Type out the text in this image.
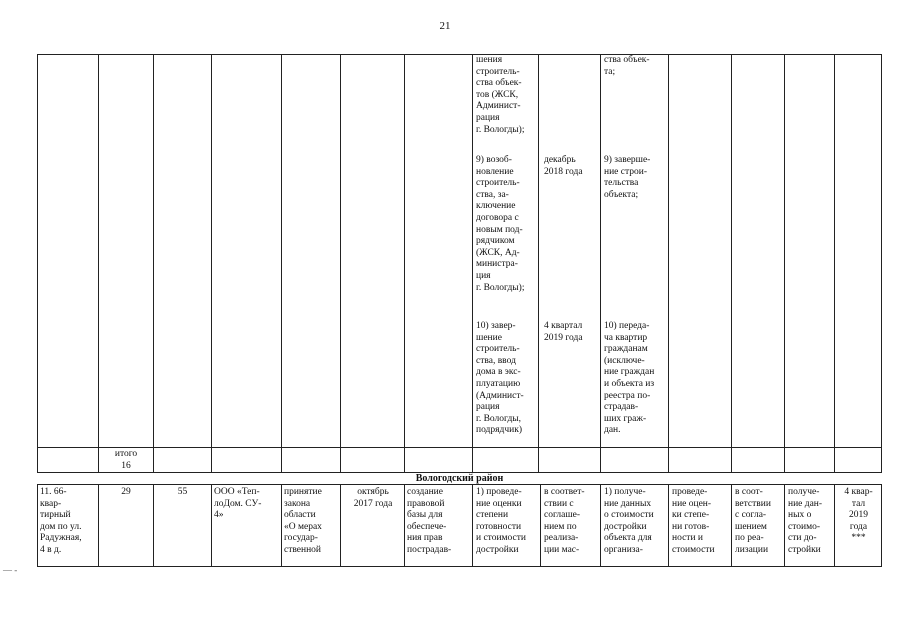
21
шения
строитель-
ства объек-
тов (ЖСК,
Админист-
рация
г. Вологды);
ства объек-
та;
9) возоб-
новление
строитель-
ства, за-
ключение
договора с
новым под-
рядчиком
(ЖСК, Ад-
министра-
ция
г. Вологды);
декабрь
2018 года
9) заверше-
ние строи-
тельства
объекта;
10) завер-
шение
строитель-
ства, ввод
дома в экс-
плуатацию
(Админист-
рация
г. Вологды,
подрядчик)
4 квартал
2019 года
10) переда-
ча квартир
гражданам
(исключе-
ние граждан
и объекта из
реестра по-
страдав-
ших граж-
дан.
итого
16
Вологодский район
11. 66-
квар-
тирный
дом по ул.
Радужная,
4 в д.
29	55	ООО «Теп-
лоДом. СУ-
4»
принятие
закона
области
«О мерах
государ-
ственной
октябрь
2017 года
создание
правовой
базы для
обеспече-
ния прав
пострадав-
1) проведе-
ние оценки
степени
готовности
и стоимости
достройки
в соответ-
ствии с
соглаше-
нием по
реализа-
ции мас-
1) получе-
ние данных
о стоимости
достройки
объекта для
организа-
проведе-
ние оцен-
ки степе-
ни готов-
ности и
стоимости
в соот-
ветствии
с согла-
шением
по реа-
лизации
получе-
ние дан-
ных о
стоимо-
сти до-
стройки
4 квар-
тал
2019
года
***
— -
